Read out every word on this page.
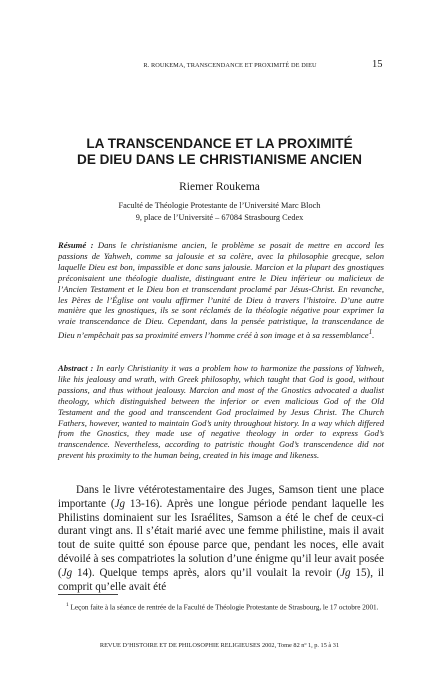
R. ROUKEMA, TRANSCENDANCE ET PROXIMITÉ DE DIEU	15
LA TRANSCENDANCE ET LA PROXIMITÉ
DE DIEU DANS LE CHRISTIANISME ANCIEN
Riemer Roukema
Faculté de Théologie Protestante de l’Université Marc Bloch
9, place de l’Université – 67084 Strasbourg Cedex

Résumé : Dans le christianisme ancien, le problème se posait de mettre en accord les passions de Yahweh, comme sa jalousie et sa colère, avec la philosophie grecque, selon laquelle Dieu est bon, impassible et donc sans jalousie. Marcion et la plupart des gnostiques préconisaient une théologie dualiste, distinguant entre le Dieu inférieur ou malicieux de l’Ancien Testament et le Dieu bon et transcendant proclamé par Jésus-Christ. En revanche, les Pères de l’Église ont voulu affirmer l’unité de Dieu à travers l’histoire. D’une autre manière que les gnostiques, ils se sont réclamés de la théologie négative pour exprimer la vraie transcendance de Dieu. Cependant, dans la pensée patristique, la transcendance de Dieu n’empêchait pas sa proximité envers l’homme créé à son image et à sa ressemblance$^1$.

Abstract : In early Christianity it was a problem how to harmonize the passions of Yahweh, like his jealousy and wrath, with Greek philosophy, which taught that God is good, without passions, and thus without jealousy. Marcion and most of the Gnostics advocated a dualist theology, which distinguished between the inferior or even malicious God of the Old Testament and the good and transcendent God proclaimed by Jesus Christ. The Church Fathers, however, wanted to maintain God’s unity throughout history. In a way which differed from the Gnostics, they made use of negative theology in order to express God’s transcendence. Nevertheless, according to patristic thought God’s transcendence did not prevent his proximity to the human being, created in his image and likeness.

Dans le livre vétérotestamentaire des Juges, Samson tient une place importante (Jg 13-16). Après une longue période pendant laquelle les Philistins dominaient sur les Israélites, Samson a été le chef de ceux-ci durant vingt ans. Il s’était marié avec une femme philistine, mais il avait tout de suite quitté son épouse parce que, pendant les noces, elle avait dévoilé à ses compatriotes la solution d’une énigme qu’il leur avait posée (Jg 14). Quelque temps après, alors qu’il voulait la revoir (Jg 15), il comprit qu’elle avait été

$^1$ Leçon faite à la séance de rentrée de la Faculté de Théologie Protestante de Strasbourg, le 17 octobre 2001.

REVUE D’HISTOIRE ET DE PHILOSOPHIE RELIGIEUSES 2002, Tome 82 nº 1, p. 15 à 31
